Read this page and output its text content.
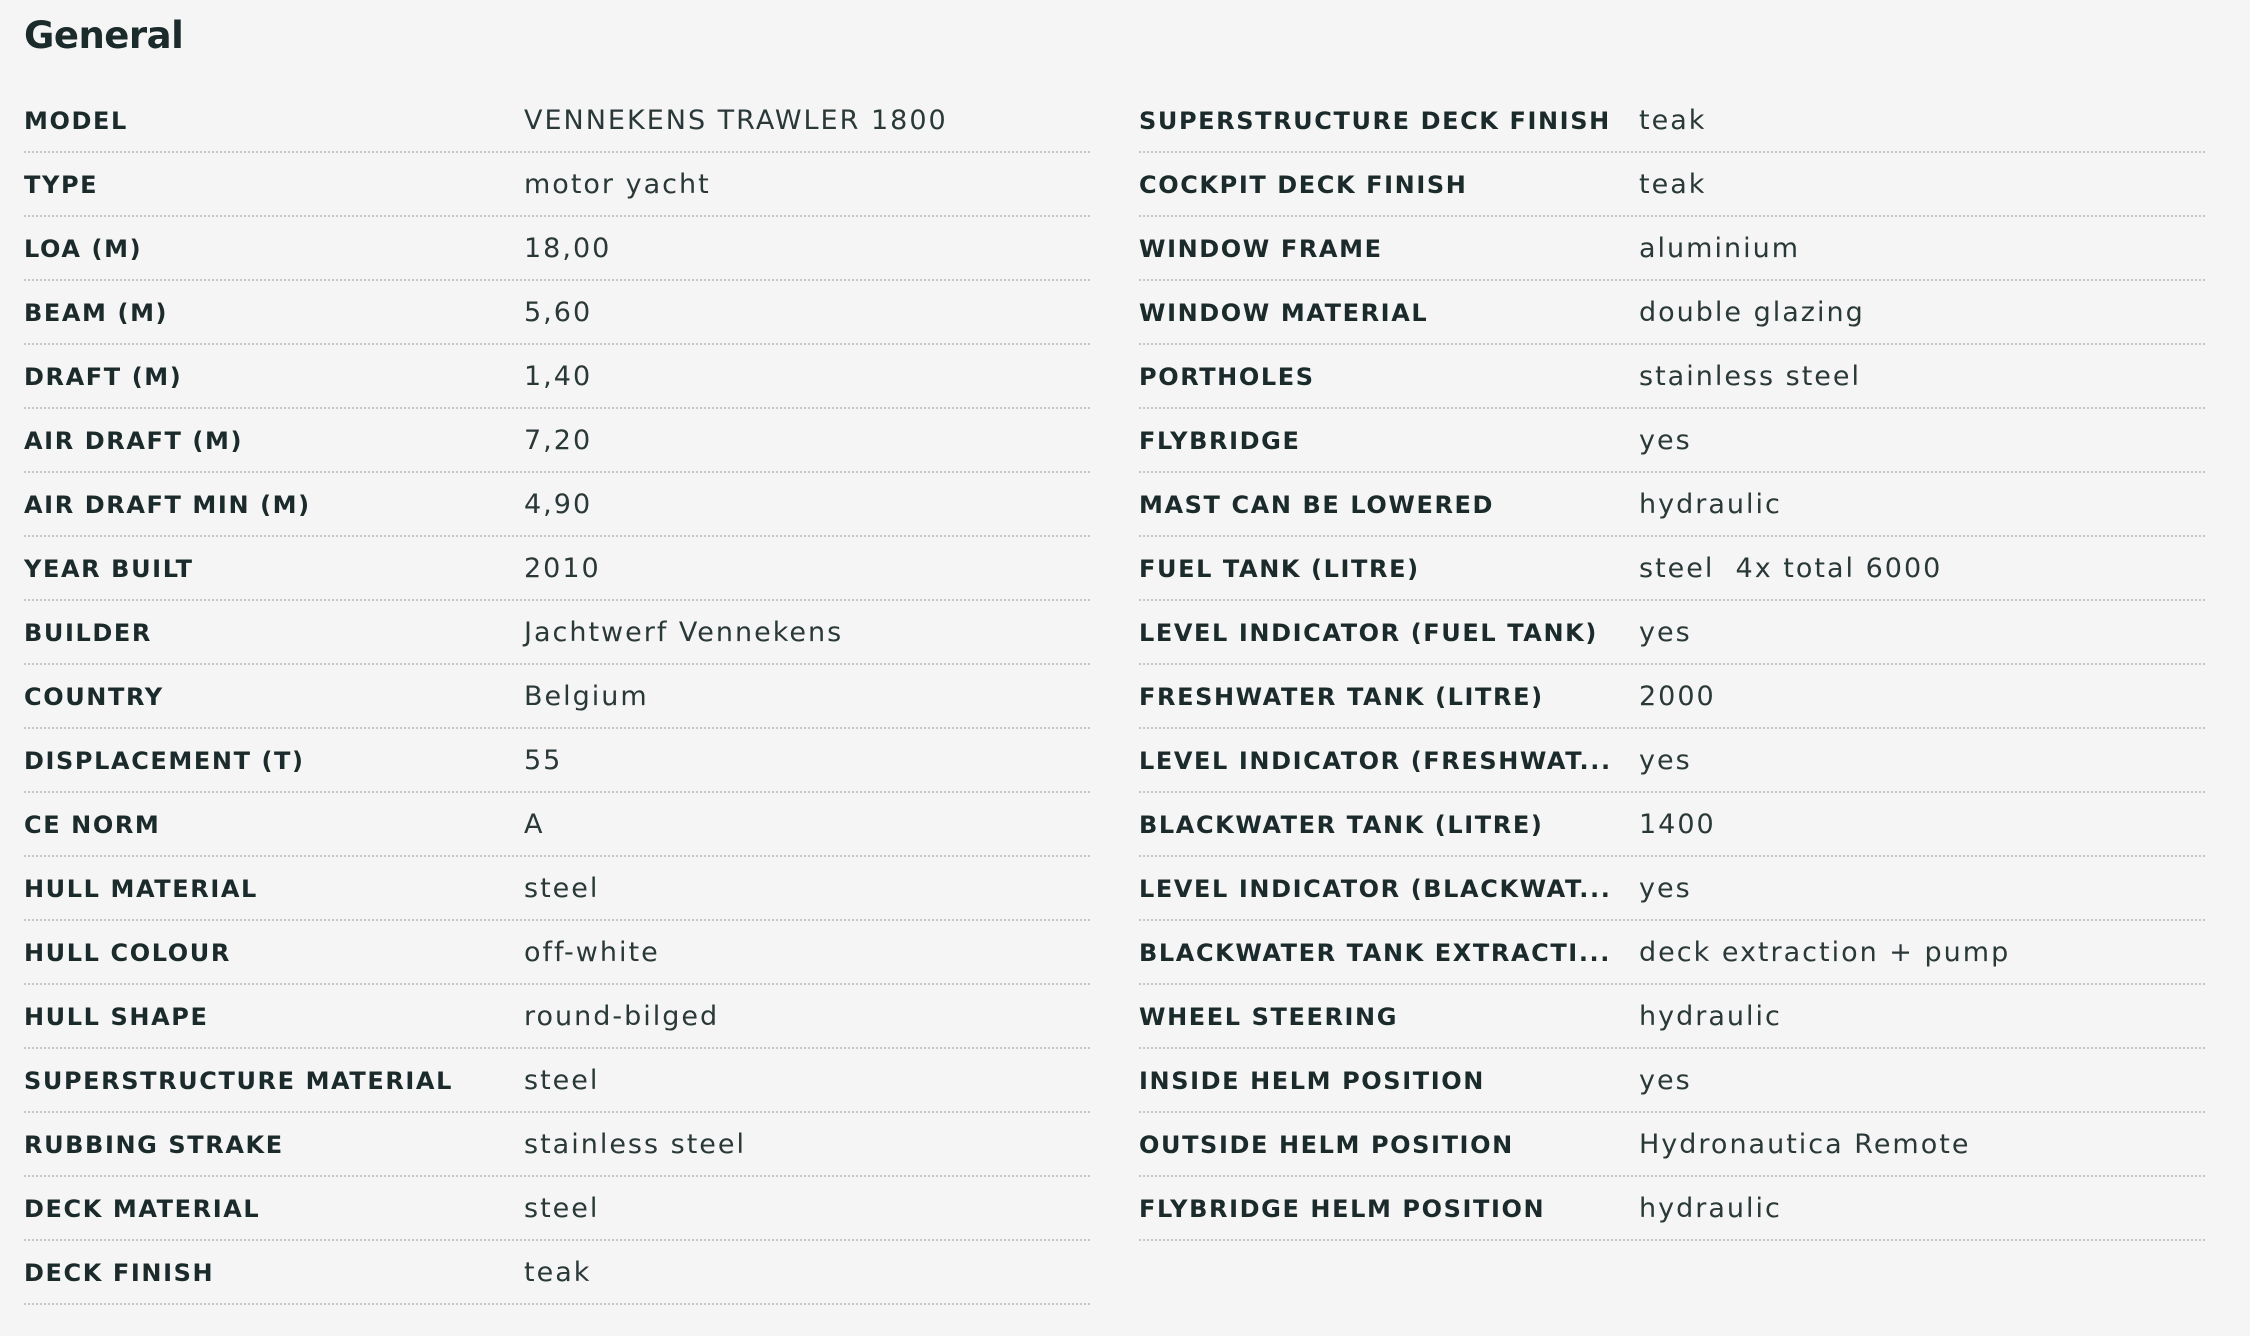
General
MODEL	VENNEKENS TRAWLER 1800
TYPE	motor yacht
LOA (M)	18,00
BEAM (M)	5,60
DRAFT (M)	1,40
AIR DRAFT (M)	7,20
AIR DRAFT MIN (M)	4,90
YEAR BUILT	2010
BUILDER	Jachtwerf Vennekens
COUNTRY	Belgium
DISPLACEMENT (T)	55
CE NORM	A
HULL MATERIAL	steel
HULL COLOUR	off-white
HULL SHAPE	round-bilged
SUPERSTRUCTURE MATERIAL	steel
RUBBING STRAKE	stainless steel
DECK MATERIAL	steel
DECK FINISH	teak
SUPERSTRUCTURE DECK FINISH	teak
COCKPIT DECK FINISH	teak
WINDOW FRAME	aluminium
WINDOW MATERIAL	double glazing
PORTHOLES	stainless steel
FLYBRIDGE	yes
MAST CAN BE LOWERED	hydraulic
FUEL TANK (LITRE)	steel  4x total 6000
LEVEL INDICATOR (FUEL TANK)	yes
FRESHWATER TANK (LITRE)	2000
LEVEL INDICATOR (FRESHWAT...	yes
BLACKWATER TANK (LITRE)	1400
LEVEL INDICATOR (BLACKWAT...	yes
BLACKWATER TANK EXTRACTI...	deck extraction + pump
WHEEL STEERING	hydraulic
INSIDE HELM POSITION	yes
OUTSIDE HELM POSITION	Hydronautica Remote
FLYBRIDGE HELM POSITION	hydraulic
